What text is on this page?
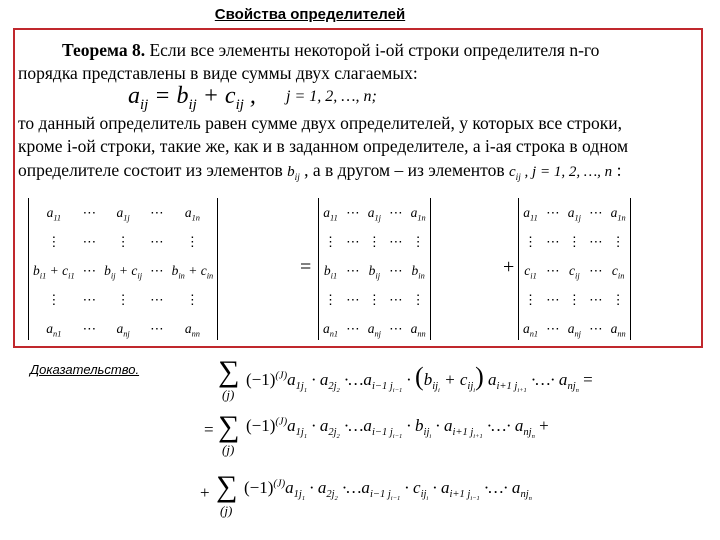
Свойства определителей
Теорема 8. Если все элементы некоторой i-ой строки определителя n-го
порядка представлены в виде суммы двух слагаемых:
$a_{ij} = b_{ij} + c_{ij}$ , j = 1, 2, …, n;
то данный определитель равен сумме двух определителей, у которых все строки,
кроме i-ой строки, такие же, как и в заданном определителе, а i-ая строка в одном
определителе состоит из элементов $b_{ij}$ , а в другом – из элементов $c_{ij}$ , j = 1, 2, …, n :
$a_{11}$	⋯	$a_{1j}$	⋯	$a_{1n}$
⋮	⋯	⋮	⋯	⋮
$b_{i1} + c_{i1}$	⋯	$b_{ij} + c_{ij}$	⋯	$b_{in} + c_{in}$
⋮	⋯	⋮	⋯	⋮
$a_{n1}$	⋯	$a_{nj}$	⋯	$a_{nn}$
=
$a_{11}$	⋯	$a_{1j}$	⋯	$a_{1n}$
⋮	⋯	⋮	⋯	⋮
$b_{i1}$	⋯	$b_{ij}$	⋯	$b_{in}$
⋮	⋯	⋮	⋯	⋮
$a_{n1}$	⋯	$a_{nj}$	⋯	$a_{nn}$
+
$a_{11}$	⋯	$a_{1j}$	⋯	$a_{1n}$
⋮	⋯	⋮	⋯	⋮
$c_{i1}$	⋯	$c_{ij}$	⋯	$c_{in}$
⋮	⋯	⋮	⋯	⋮
$a_{n1}$	⋯	$a_{nj}$	⋯	$a_{nn}$
Доказательство.	∑
(j)
$(-1)^{(J)}a_{1j_1} \cdot a_{2j_2}$ $\cdot\dots a_{i-1 j_{i-1}} \cdot (b_{ij_i} + c_{ij_i})$ $a_{i+1 j_{i+1}}$ ·…· $a_{nj_n}$ =
= ∑
(j)
$(-1)^{(J)}a_{1j_1} \cdot a_{2j_2}$ $\cdot\dots a_{i-1 j_{i-1}} \cdot b_{ij_i} \cdot a_{i+1 j_{i+1}}$ ·…· $a_{nj_n}$ +
+ ∑
(j)
$(-1)^{(J)}a_{1j_1} \cdot a_{2j_2}$ $\cdot\dots a_{i-1 j_{i-1}} \cdot c_{ij_i} \cdot a_{i+1 j_{i-1}}$ ·…· $a_{nj_n}$
